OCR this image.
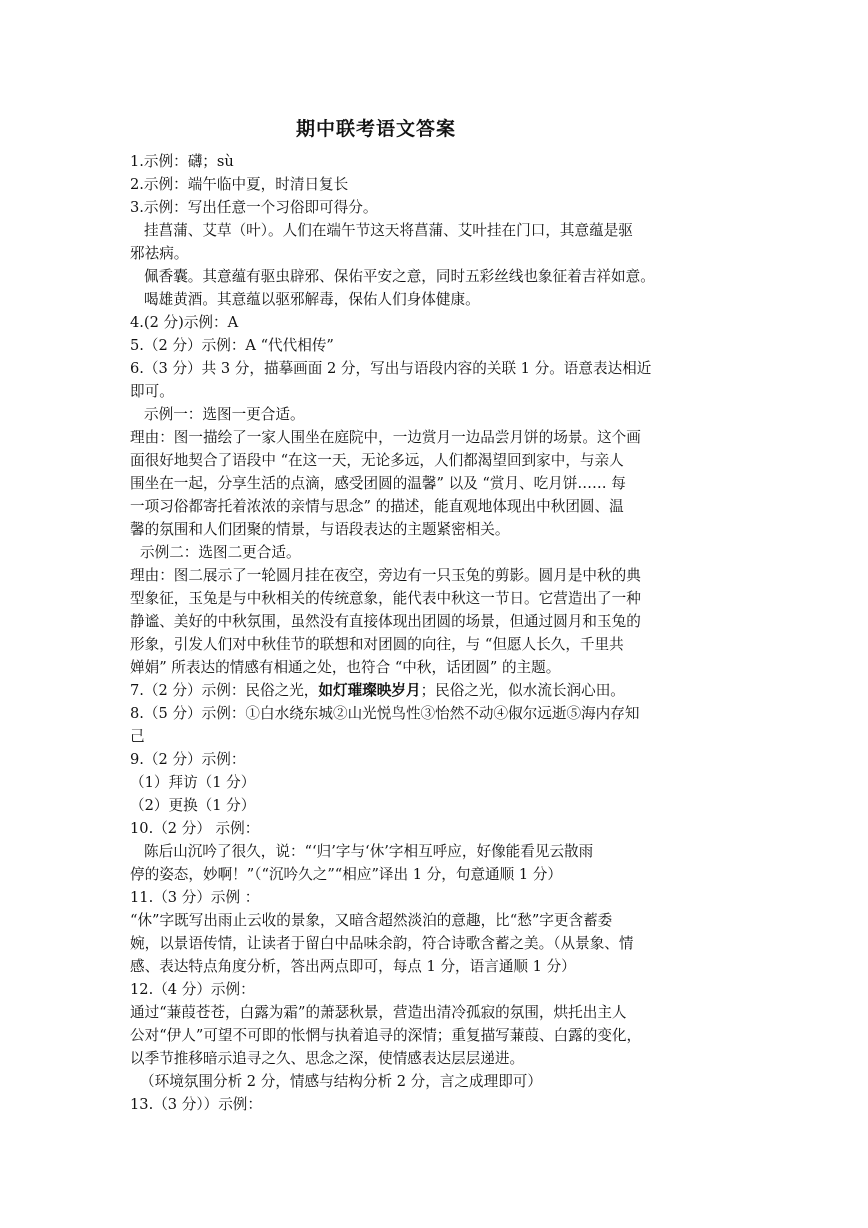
期中联考语文答案
1.示例：礴；sù
2.示例：端午临中夏，时清日复长
3.示例：写出任意一个习俗即可得分。
挂菖蒲、艾草（叶）。人们在端午节这天将菖蒲、艾叶挂在门口，其意蕴是驱
邪祛病。
佩香囊。其意蕴有驱虫辟邪、保佑平安之意，同时五彩丝线也象征着吉祥如意。
喝雄黄酒。其意蕴以驱邪解毒，保佑人们身体健康。
4.(2 分)示例：A
5.（2 分）示例：A “代代相传”
6.（3 分）共 3 分，描摹画面 2 分，写出与语段内容的关联 1 分。语意表达相近
即可。
示例一：选图一更合适。
理由：图一描绘了一家人围坐在庭院中，一边赏月一边品尝月饼的场景。这个画
面很好地契合了语段中 “在这一天，无论多远，人们都渴望回到家中，与亲人
围坐在一起，分享生活的点滴，感受团圆的温馨” 以及 “赏月、吃月饼…… 每
一项习俗都寄托着浓浓的亲情与思念” 的描述，能直观地体现出中秋团圆、温
馨的氛围和人们团聚的情景，与语段表达的主题紧密相关。
示例二：选图二更合适。
理由：图二展示了一轮圆月挂在夜空，旁边有一只玉兔的剪影。圆月是中秋的典
型象征，玉兔是与中秋相关的传统意象，能代表中秋这一节日。它营造出了一种
静谧、美好的中秋氛围，虽然没有直接体现出团圆的场景，但通过圆月和玉兔的
形象，引发人们对中秋佳节的联想和对团圆的向往，与 “但愿人长久，千里共
婵娟” 所表达的情感有相通之处，也符合 “中秋，话团圆” 的主题。
7.（2 分）示例：民俗之光，如灯璀璨映岁月；民俗之光，似水流长润心田。
8.（5 分）示例：①白水绕东城②山光悦鸟性③怡然不动④俶尔远逝⑤海内存知
己
9.（2 分）示例：
（1）拜访（1 分）
（2）更换（1 分）
10.（2 分） 示例：
陈后山沉吟了很久，说：“‘归’字与‘休’字相互呼应，好像能看见云散雨
停的姿态，妙啊！”（“沉吟久之”“相应”译出 1 分，句意通顺 1 分）
11.（3 分）示例 ：
“休”字既写出雨止云收的景象，又暗含超然淡泊的意趣，比“愁”字更含蓄委
婉，以景语传情，让读者于留白中品味余韵，符合诗歌含蓄之美。（从景象、情
感、表达特点角度分析，答出两点即可，每点 1 分，语言通顺 1 分）
12.（4 分）示例：
通过“蒹葭苍苍，白露为霜”的萧瑟秋景，营造出清冷孤寂的氛围，烘托出主人
公对“伊人”可望不可即的怅惘与执着追寻的深情；重复描写蒹葭、白露的变化，
以季节推移暗示追寻之久、思念之深，使情感表达层层递进。
（环境氛围分析 2 分，情感与结构分析 2 分，言之成理即可）
13.（3 分））示例：
